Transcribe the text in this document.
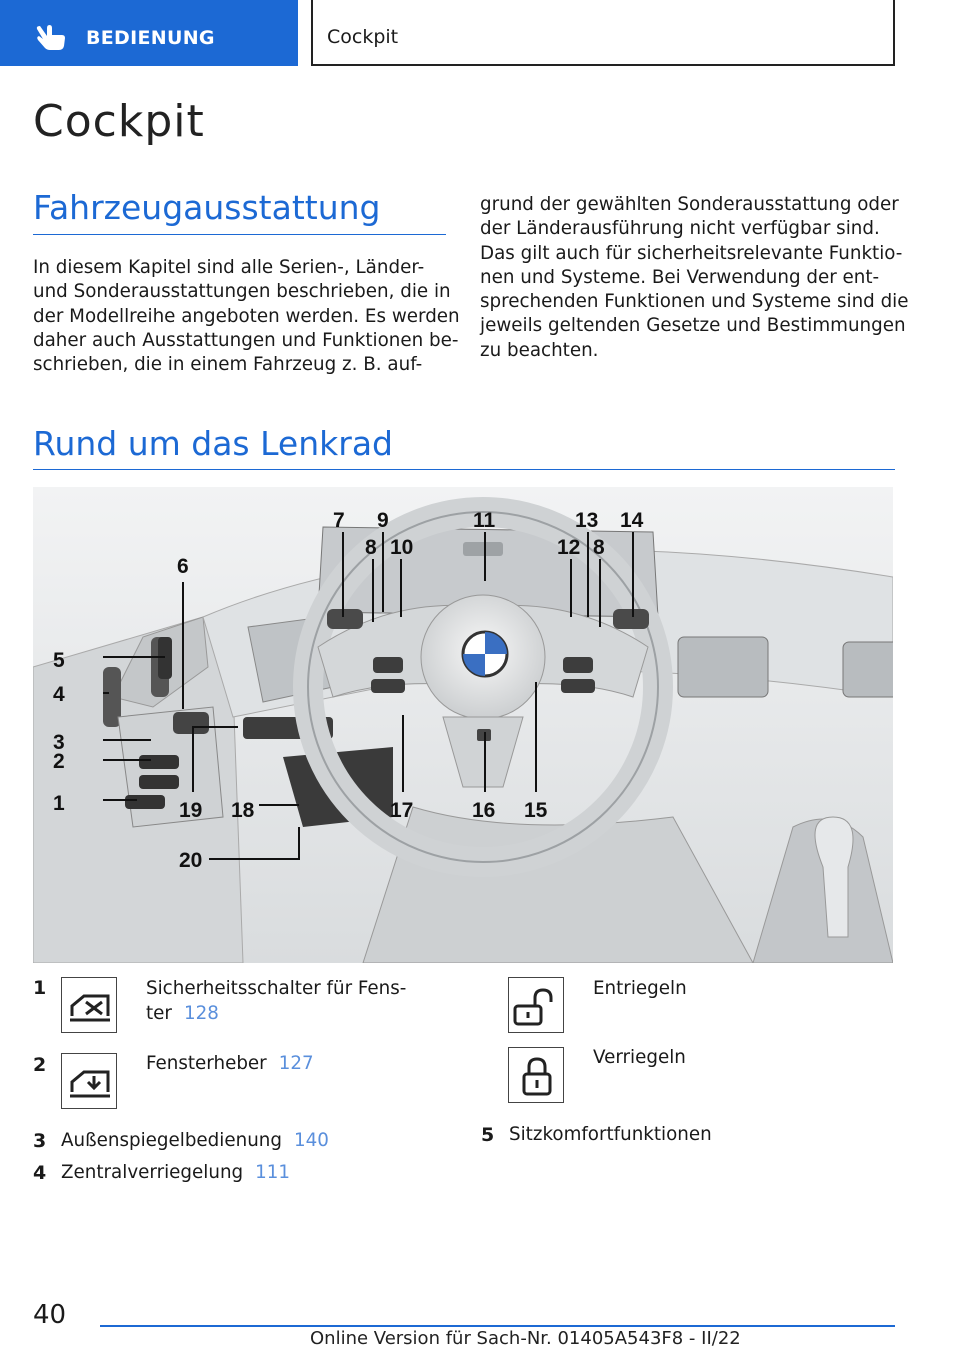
BEDIENUNG	Cockpit
Cockpit
Fahrzeugausstattung
In diesem Kapitel sind alle Serien-, Länder-
und Sonderausstattungen beschrieben, die in
der Modellreihe angeboten werden. Es werden
daher auch Ausstattungen und Funktionen be-
schrieben, die in einem Fahrzeug z. B. auf-
grund der gewählten Sonderausstattung oder
der Länderausführung nicht verfügbar sind.
Das gilt auch für sicherheitsrelevante Funktio-
nen und Systeme. Bei Verwendung der ent-
sprechenden Funktionen und Systeme sind die
jeweils geltenden Gesetze und Bestimmungen
zu beachten.
Rund um das Lenkrad
1
2
3
4
5
6
7
8
9
10
11
12 8
13 14
15
16
17
18
19
20
1	Sicherheitsschalter für Fens-
ter 128
2	Fensterheber 127
3 Außenspiegelbedienung 140
4 Zentralverriegelung 111
Entriegeln
Verriegeln
5 Sitzkomfortfunktionen
40
Online Version für Sach-Nr. 01405A543F8 - II/22
